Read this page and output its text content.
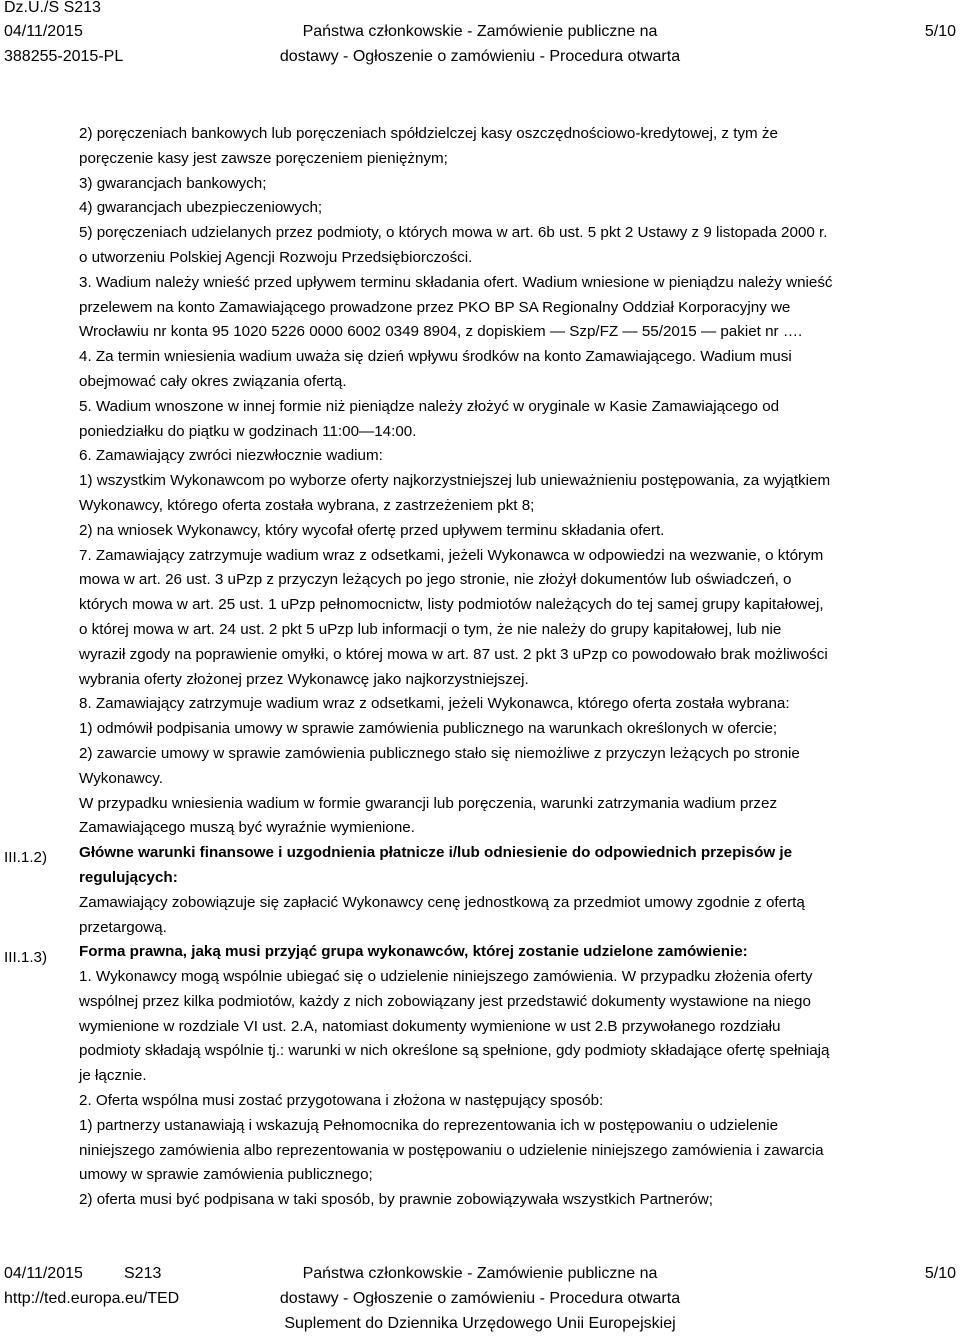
Dz.U./S S213
04/11/2015
388255-2015-PL
Państwa członkowskie - Zamówienie publiczne na
dostawy - Ogłoszenie o zamówieniu - Procedura otwarta
5/10

2) poręczeniach bankowych lub poręczeniach spółdzielczej kasy oszczędnościowo-kredytowej, z tym że

poręczenie kasy jest zawsze poręczeniem pieniężnym;

3) gwarancjach bankowych;

4) gwarancjach ubezpieczeniowych;

5) poręczeniach udzielanych przez podmioty, o których mowa w art. 6b ust. 5 pkt 2 Ustawy z 9 listopada 2000 r.

o utworzeniu Polskiej Agencji Rozwoju Przedsiębiorczości.

3. Wadium należy wnieść przed upływem terminu składania ofert. Wadium wniesione w pieniądzu należy wnieść

przelewem na konto Zamawiającego prowadzone przez PKO BP SA Regionalny Oddział Korporacyjny we

Wrocławiu nr konta 95 1020 5226 0000 6002 0349 8904, z dopiskiem — Szp/FZ — 55/2015 — pakiet nr ….

4. Za termin wniesienia wadium uważa się dzień wpływu środków na konto Zamawiającego. Wadium musi

obejmować cały okres związania ofertą.

5. Wadium wnoszone w innej formie niż pieniądze należy złożyć w oryginale w Kasie Zamawiającego od

poniedziałku do piątku w godzinach 11:00—14:00.

6. Zamawiający zwróci niezwłocznie wadium:

1) wszystkim Wykonawcom po wyborze oferty najkorzystniejszej lub unieważnieniu postępowania, za wyjątkiem

Wykonawcy, którego oferta została wybrana, z zastrzeżeniem pkt 8;

2) na wniosek Wykonawcy, który wycofał ofertę przed upływem terminu składania ofert.

7. Zamawiający zatrzymuje wadium wraz z odsetkami, jeżeli Wykonawca w odpowiedzi na wezwanie, o którym

mowa w art. 26 ust. 3 uPzp z przyczyn leżących po jego stronie, nie złożył dokumentów lub oświadczeń, o

których mowa w art. 25 ust. 1 uPzp pełnomocnictw, listy podmiotów należących do tej samej grupy kapitałowej,

o której mowa w art. 24 ust. 2 pkt 5 uPzp lub informacji o tym, że nie należy do grupy kapitałowej, lub nie

wyraził zgody na poprawienie omyłki, o której mowa w art. 87 ust. 2 pkt 3 uPzp co powodowało brak możliwości

wybrania oferty złożonej przez Wykonawcę jako najkorzystniejszej.

8. Zamawiający zatrzymuje wadium wraz z odsetkami, jeżeli Wykonawca, którego oferta została wybrana:

1) odmówił podpisania umowy w sprawie zamówienia publicznego na warunkach określonych w ofercie;

2) zawarcie umowy w sprawie zamówienia publicznego stało się niemożliwe z przyczyn leżących po stronie

Wykonawcy.

W przypadku wniesienia wadium w formie gwarancji lub poręczenia, warunki zatrzymania wadium przez

Zamawiającego muszą być wyraźnie wymienione.

Główne warunki finansowe i uzgodnienia płatnicze i/lub odniesienie do odpowiednich przepisów je

regulujących:

Zamawiający zobowiązuje się zapłacić Wykonawcy cenę jednostkową za przedmiot umowy zgodnie z ofertą

przetargową.

Forma prawna, jaką musi przyjąć grupa wykonawców, której zostanie udzielone zamówienie:

1. Wykonawcy mogą wspólnie ubiegać się o udzielenie niniejszego zamówienia. W przypadku złożenia oferty

wspólnej przez kilka podmiotów, każdy z nich zobowiązany jest przedstawić dokumenty wystawione na niego

wymienione w rozdziale VI ust. 2.A, natomiast dokumenty wymienione w ust 2.B przywołanego rozdziału

podmioty składają wspólnie tj.: warunki w nich określone są spełnione, gdy podmioty składające ofertę spełniają

je łącznie.

2. Oferta wspólna musi zostać przygotowana i złożona w następujący sposób:

1) partnerzy ustanawiają i wskazują Pełnomocnika do reprezentowania ich w postępowaniu o udzielenie

niniejszego zamówienia albo reprezentowania w postępowaniu o udzielenie niniejszego zamówienia i zawarcia

umowy w sprawie zamówienia publicznego;

2) oferta musi być podpisana w taki sposób, by prawnie zobowiązywała wszystkich Partnerów;

III.1.2)
III.1.3)
04/11/2015	S213
http://ted.europa.eu/TED
Państwa członkowskie - Zamówienie publiczne na
dostawy - Ogłoszenie o zamówieniu - Procedura otwarta
Suplement do Dziennika Urzędowego Unii Europejskiej
5/10
